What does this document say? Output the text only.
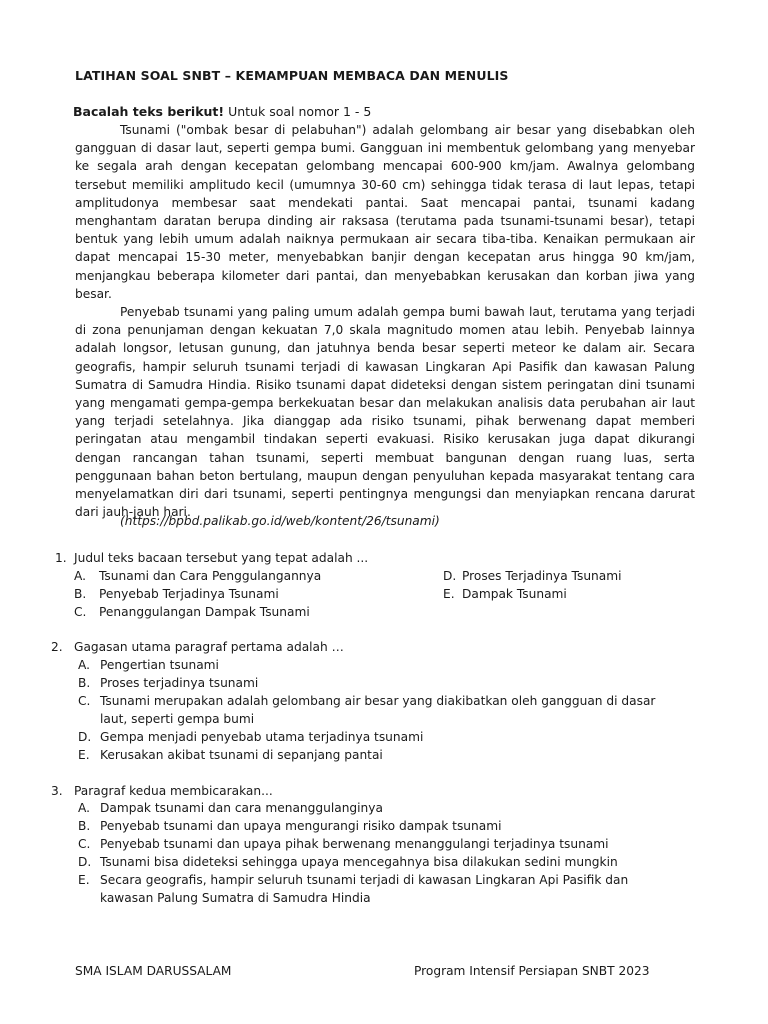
LATIHAN SOAL SNBT – KEMAMPUAN MEMBACA DAN MENULIS
Bacalah teks berikut! Untuk soal nomor 1 - 5

Tsunami ("ombak besar di pelabuhan") adalah gelombang air besar yang disebabkan oleh gangguan di dasar laut, seperti gempa bumi. Gangguan ini membentuk gelombang yang menyebar ke segala arah dengan kecepatan gelombang mencapai 600-900 km/jam. Awalnya gelombang tersebut memiliki amplitudo kecil (umumnya 30-60 cm) sehingga tidak terasa di laut lepas, tetapi amplitudonya membesar saat mendekati pantai. Saat mencapai pantai, tsunami kadang menghantam daratan berupa dinding air raksasa (terutama pada tsunami-tsunami besar), tetapi bentuk yang lebih umum adalah naiknya permukaan air secara tiba-tiba. Kenaikan permukaan air dapat mencapai 15-30 meter, menyebabkan banjir dengan kecepatan arus hingga 90 km/jam, menjangkau beberapa kilometer dari pantai, dan menyebabkan kerusakan dan korban jiwa yang besar.

Penyebab tsunami yang paling umum adalah gempa bumi bawah laut, terutama yang terjadi di zona penunjaman dengan kekuatan 7,0 skala magnitudo momen atau lebih. Penyebab lainnya adalah longsor, letusan gunung, dan jatuhnya benda besar seperti meteor ke dalam air. Secara geografis, hampir seluruh tsunami terjadi di kawasan Lingkaran Api Pasifik dan kawasan Palung Sumatra di Samudra Hindia. Risiko tsunami dapat dideteksi dengan sistem peringatan dini tsunami yang mengamati gempa-gempa berkekuatan besar dan melakukan analisis data perubahan air laut yang terjadi setelahnya. Jika dianggap ada risiko tsunami, pihak berwenang dapat memberi peringatan atau mengambil tindakan seperti evakuasi. Risiko kerusakan juga dapat dikurangi dengan rancangan tahan tsunami, seperti membuat bangunan dengan ruang luas, serta penggunaan bahan beton bertulang, maupun dengan penyuluhan kepada masyarakat tentang cara menyelamatkan diri dari tsunami, seperti pentingnya mengungsi dan menyiapkan rencana darurat dari jauh-jauh hari.

(https://bpbd.palikab.go.id/web/kontent/26/tsunami)
1. Judul teks bacaan tersebut yang tepat adalah ...
A. Tsunami dan Cara Penggulangannya
B. Penyebab Terjadinya Tsunami
C. Penanggulangan Dampak Tsunami
D. Proses Terjadinya Tsunami
E. Dampak Tsunami
2. Gagasan utama paragraf pertama adalah …
A. Pengertian tsunami
B. Proses terjadinya tsunami
C. Tsunami merupakan adalah gelombang air besar yang diakibatkan oleh gangguan di dasar laut, seperti gempa bumi
D. Gempa menjadi penyebab utama terjadinya tsunami
E. Kerusakan akibat tsunami di sepanjang pantai
3. Paragraf kedua membicarakan...
A. Dampak tsunami dan cara menanggulanginya
B. Penyebab tsunami dan upaya mengurangi risiko dampak tsunami
C. Penyebab tsunami dan upaya pihak berwenang menanggulangi terjadinya tsunami
D. Tsunami bisa dideteksi sehingga upaya mencegahnya bisa dilakukan sedini mungkin
E. Secara geografis, hampir seluruh tsunami terjadi di kawasan Lingkaran Api Pasifik dan kawasan Palung Sumatra di Samudra Hindia
SMA ISLAM DARUSSALAM	Program Intensif Persiapan SNBT 2023
